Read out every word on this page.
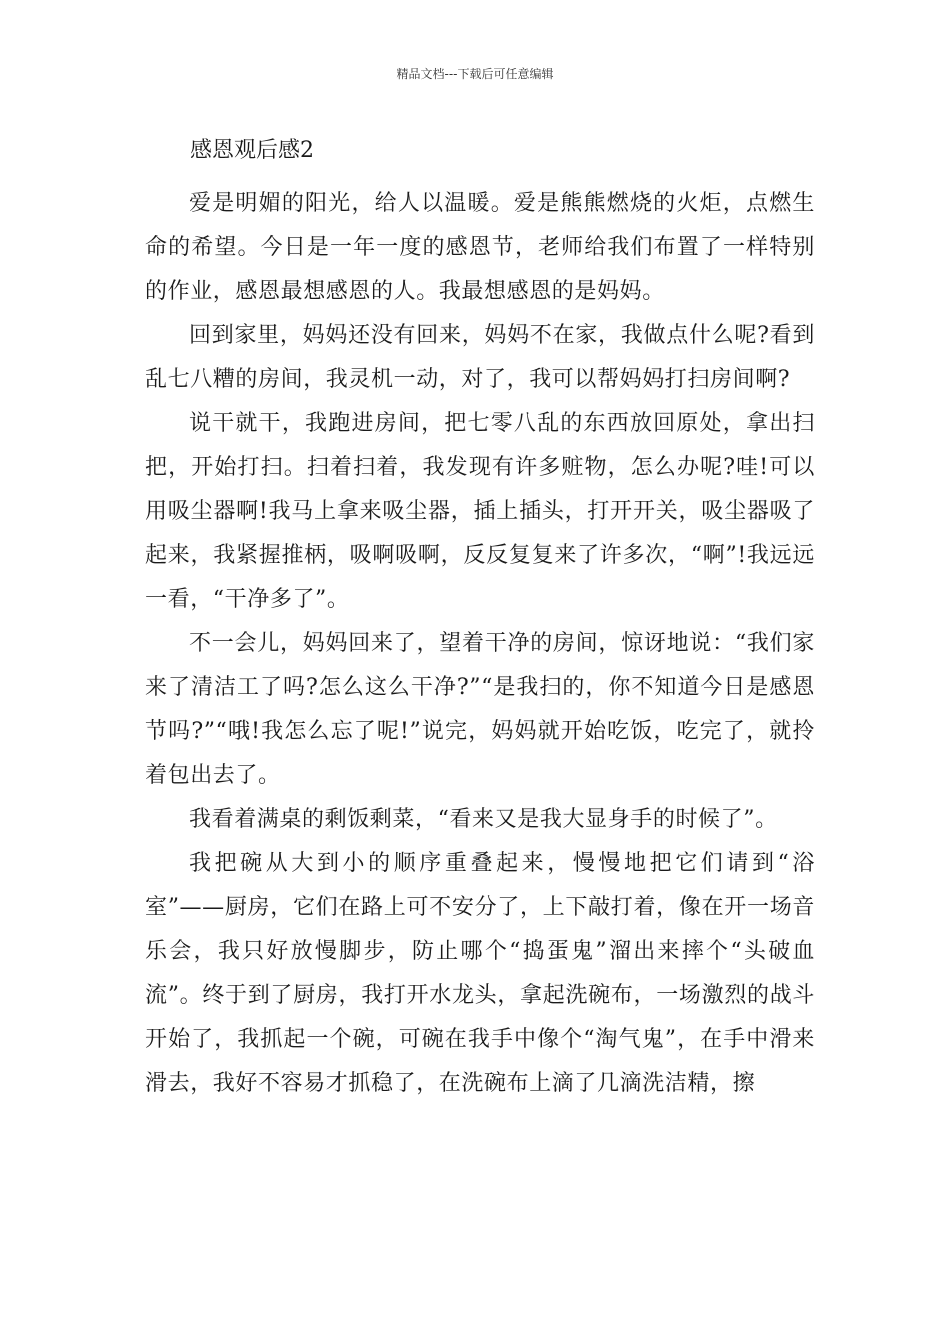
精品文档---下载后可任意编辑
感恩观后感2

爱是明媚的阳光，给人以温暖。爱是熊熊燃烧的火炬，点燃生命的希望。今日是一年一度的感恩节，老师给我们布置了一样特别的作业，感恩最想感恩的人。我最想感恩的是妈妈。

回到家里，妈妈还没有回来，妈妈不在家，我做点什么呢?看到乱七八糟的房间，我灵机一动，对了，我可以帮妈妈打扫房间啊?

说干就干，我跑进房间，把七零八乱的东西放回原处，拿出扫把，开始打扫。扫着扫着，我发现有许多赃物，怎么办呢?哇!可以用吸尘器啊!我马上拿来吸尘器，插上插头，打开开关，吸尘器吸了起来，我紧握推柄，吸啊吸啊，反反复复来了许多次，“啊”!我远远一看，“干净多了”。

不一会儿，妈妈回来了，望着干净的房间，惊讶地说：“我们家来了清洁工了吗?怎么这么干净?”“是我扫的，你不知道今日是感恩节吗?”“哦!我怎么忘了呢!”说完，妈妈就开始吃饭，吃完了，就拎着包出去了。

我看着满桌的剩饭剩菜，“看来又是我大显身手的时候了”。

我把碗从大到小的顺序重叠起来，慢慢地把它们请到“浴室”——厨房，它们在路上可不安分了，上下敲打着，像在开一场音乐会，我只好放慢脚步，防止哪个“捣蛋鬼”溜出来摔个“头破血流”。终于到了厨房，我打开水龙头，拿起洗碗布，一场激烈的战斗开始了，我抓起一个碗，可碗在我手中像个“淘气鬼”，在手中滑来滑去，我好不容易才抓稳了，在洗碗布上滴了几滴洗洁精，擦
